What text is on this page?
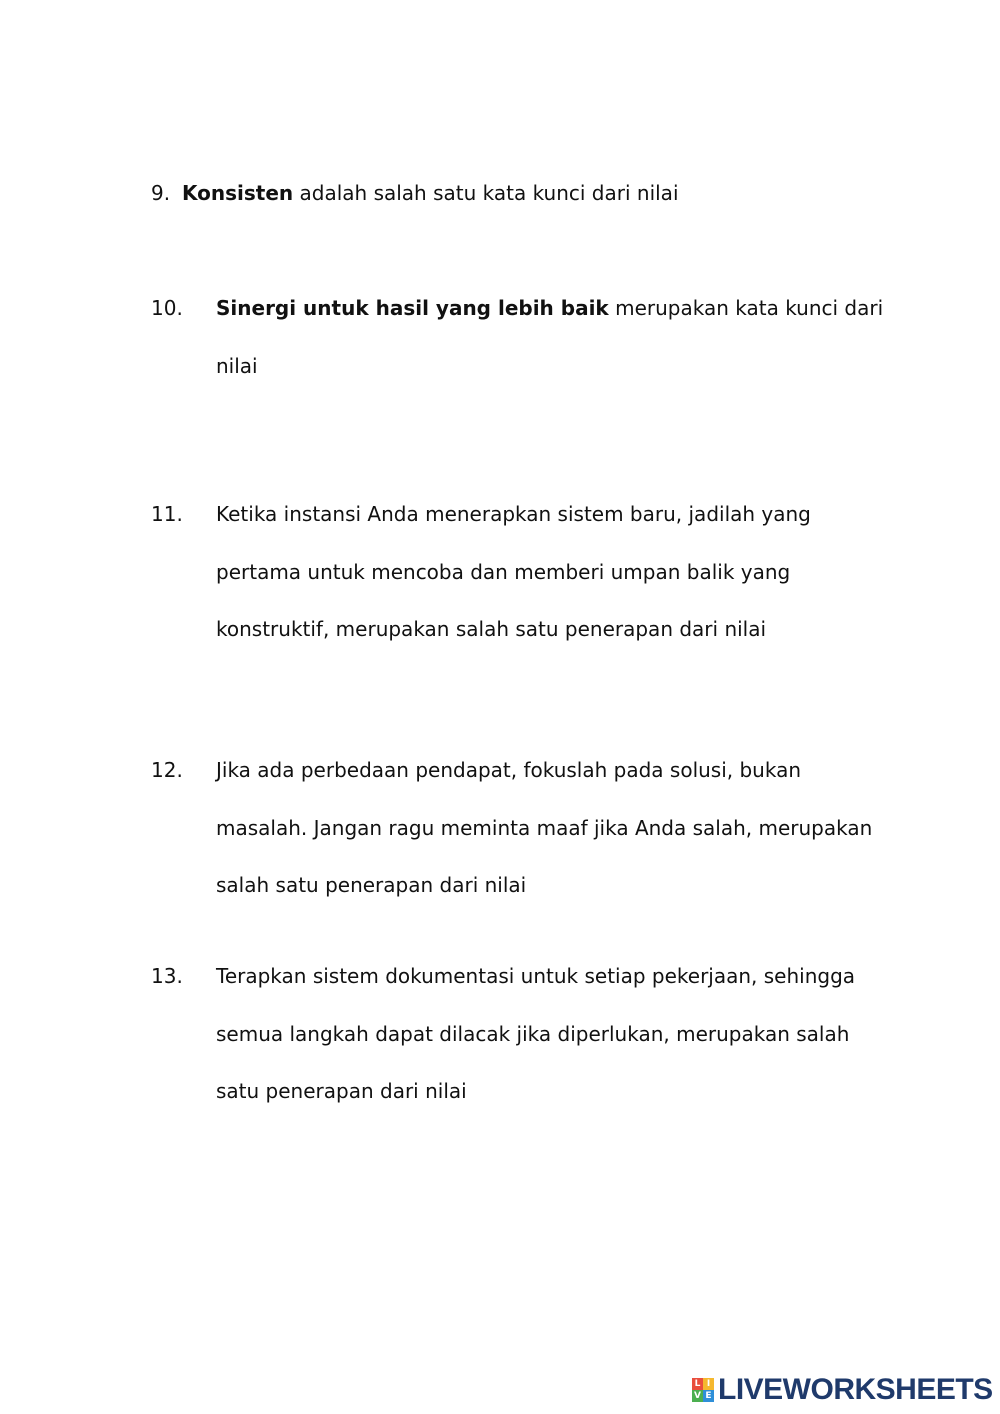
9. Konsisten adalah salah satu kata kunci dari nilai
10. Sinergi untuk hasil yang lebih baik merupakan kata kunci dari
nilai
11. Ketika instansi Anda menerapkan sistem baru, jadilah yang
pertama untuk mencoba dan memberi umpan balik yang
konstruktif, merupakan salah satu penerapan dari nilai
12. Jika ada perbedaan pendapat, fokuslah pada solusi, bukan
masalah. Jangan ragu meminta maaf jika Anda salah, merupakan
salah satu penerapan dari nilai
13. Terapkan sistem dokumentasi untuk setiap pekerjaan, sehingga
semua langkah dapat dilacak jika diperlukan, merupakan salah
satu penerapan dari nilai
L I
V E LIVEWORKSHEETS
